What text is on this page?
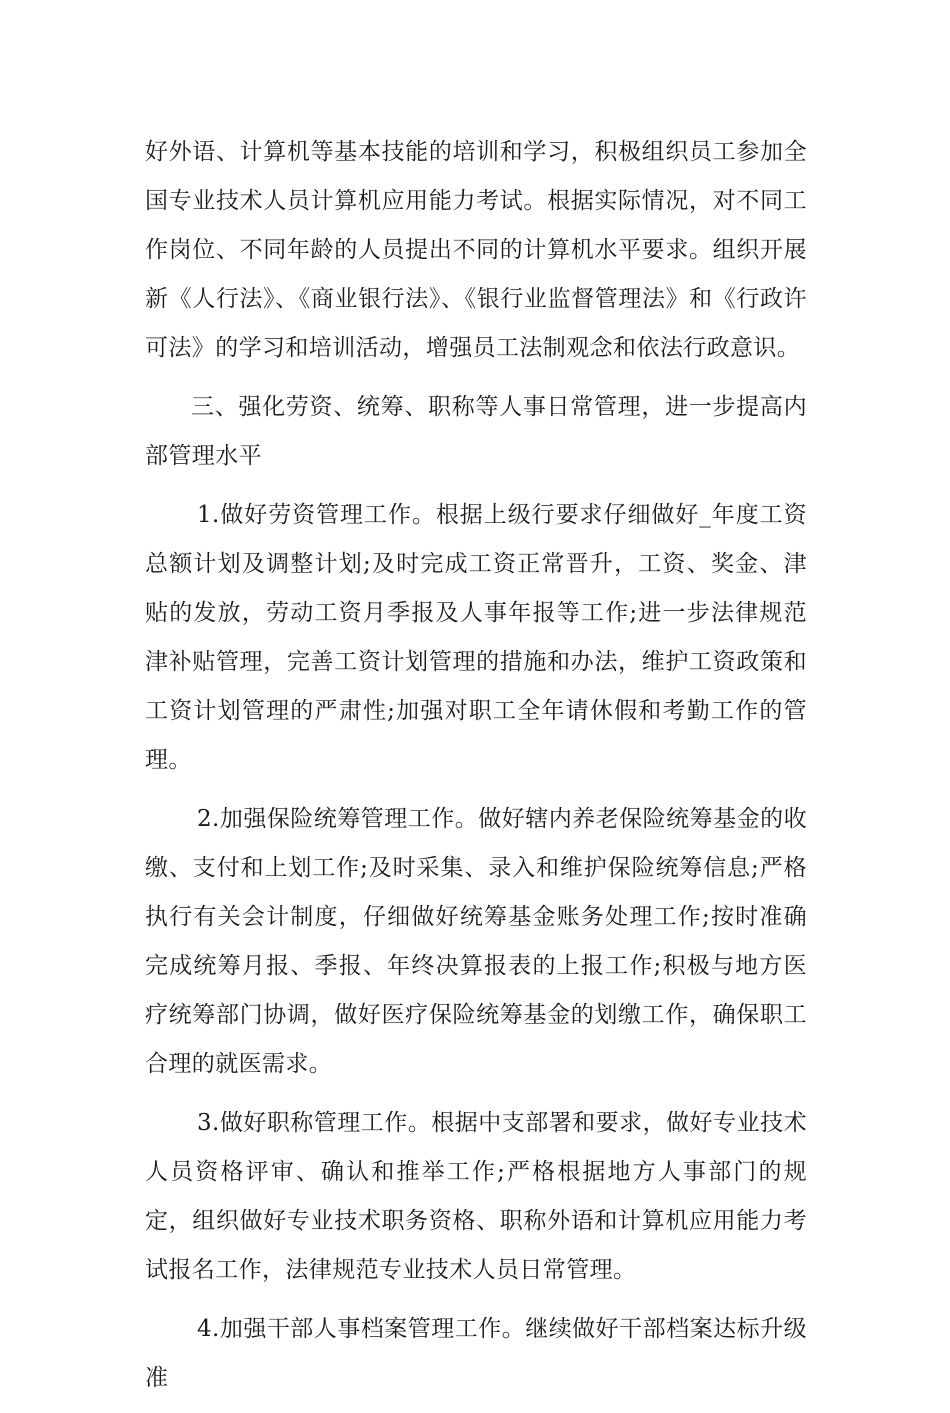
好外语、计算机等基本技能的培训和学习，积极组织员工参加全国专业技术人员计算机应用能力考试。根据实际情况，对不同工作岗位、不同年龄的人员提出不同的计算机水平要求。组织开展新《人行法》、《商业银行法》、《银行业监督管理法》和《行政许可法》的学习和培训活动，增强员工法制观念和依法行政意识。

三、强化劳资、统筹、职称等人事日常管理，进一步提高内部管理水平

1.做好劳资管理工作。根据上级行要求仔细做好_年度工资总额计划及调整计划;及时完成工资正常晋升，工资、奖金、津贴的发放，劳动工资月季报及人事年报等工作;进一步法律规范津补贴管理，完善工资计划管理的措施和办法，维护工资政策和工资计划管理的严肃性;加强对职工全年请休假和考勤工作的管理。

2.加强保险统筹管理工作。做好辖内养老保险统筹基金的收缴、支付和上划工作;及时采集、录入和维护保险统筹信息;严格执行有关会计制度，仔细做好统筹基金账务处理工作;按时准确完成统筹月报、季报、年终决算报表的上报工作;积极与地方医疗统筹部门协调，做好医疗保险统筹基金的划缴工作，确保职工合理的就医需求。

3.做好职称管理工作。根据中支部署和要求，做好专业技术人员资格评审、确认和推举工作;严格根据地方人事部门的规定，组织做好专业技术职务资格、职称外语和计算机应用能力考试报名工作，法律规范专业技术人员日常管理。

4.加强干部人事档案管理工作。继续做好干部档案达标升级准
